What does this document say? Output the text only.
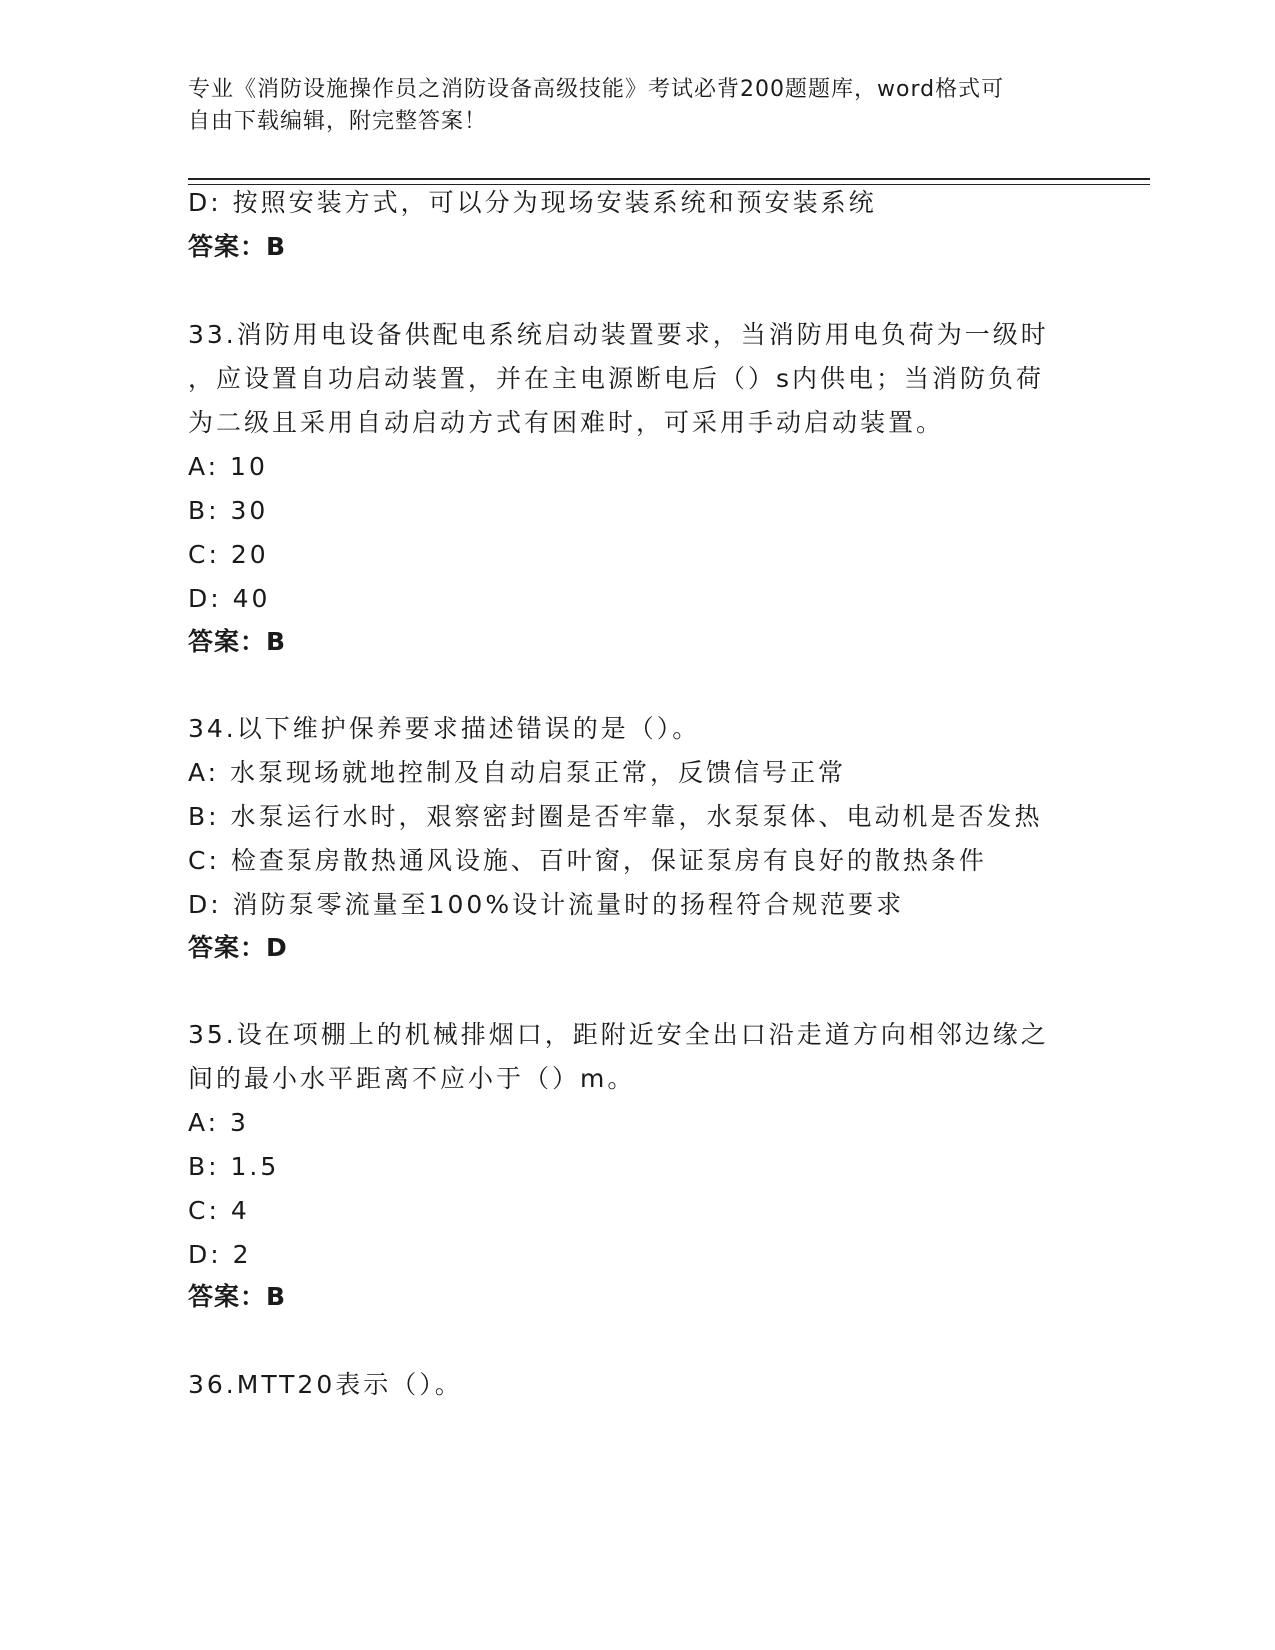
专业《消防设施操作员之消防设备高级技能》考试必背200题题库，word格式可
自由下载编辑，附完整答案！
D: 按照安装方式，可以分为现场安装系统和预安装系统
答案：B
33.消防用电设备供配电系统启动装置要求，当消防用电负荷为一级时
，应设置自功启动装置，并在主电源断电后（）s内供电；当消防负荷
为二级且采用自动启动方式有困难时，可采用手动启动装置。
A: 10
B: 30
C: 20
D: 40
答案：B
34.以下维护保养要求描述错误的是（）。
A: 水泵现场就地控制及自动启泵正常，反馈信号正常
B: 水泵运行水时，艰察密封圈是否牢靠，水泵泵体、电动机是否发热
C: 检查泵房散热通风设施、百叶窗，保证泵房有良好的散热条件
D: 消防泵零流量至100%设计流量时的扬程符合规范要求
答案：D
35.设在项棚上的机械排烟口，距附近安全出口沿走道方向相邻边缘之
间的最小水平距离不应小于（）m。
A: 3
B: 1.5
C: 4
D: 2
答案：B
36.MTT20表示（）。
